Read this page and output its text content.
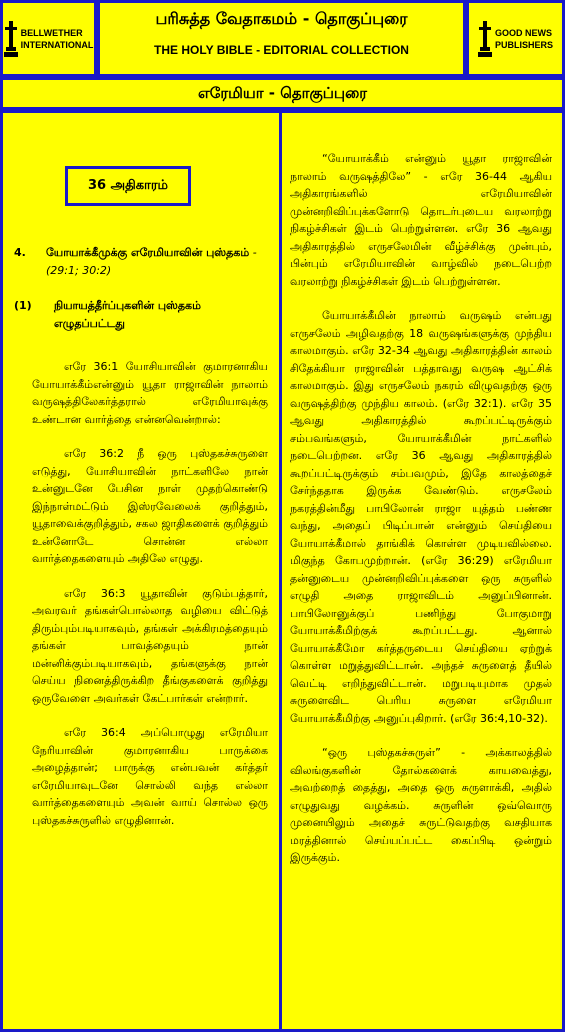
BELLWETHER
INTERNATIONAL
பரிசுத்த வேதாகமம் - தொகுப்புரை
THE HOLY BIBLE - EDITORIAL COLLECTION
GOOD NEWS
PUBLISHERS
எரேமியா - தொகுப்புரை
36 அதிகாரம்
4.	யோயாக்கீமுக்கு எரேமியாவின் புஸ்தகம் - (29:1; 30:2)
(1)	நியாயத்தீர்ப்புகளின் புஸ்தகம் எழுதப்பட்டது

எரே 36:1 யோசியாவின் குமாரனாகிய யோயாக்கீம்என்னும் யூதா ராஜாவின் நாலாம் வருஷத்திலேகர்த்தரால் எரேமியாவுக்கு உண்டான வார்த்தை என்னவென்றால்:

எரே 36:2 நீ ஒரு புஸ்தகச்சுருளை எடுத்து, யோசியாவின் நாட்களிலே நான் உன்னுடனே பேசின நாள் முதற்கொண்டு இந்நாள்மட்டும் இஸ்ரவேலைக் குறித்தும், யூதாவைக்குறித்தும், சகல ஜாதிகளைக் குறித்தும் உன்னோடே சொன்ன எல்லா வார்த்தைகளையும் அதிலே எழுது.

எரே 36:3 யூதாவின் குடும்பத்தார், அவரவர் தங்கள்பொல்லாத வழியை விட்டுத் திரும்பும்படியாகவும், தங்கள் அக்கிரமத்தையும் தங்கள் பாவத்தையும் நான் மன்னிக்கும்படியாகவும், தங்களுக்கு நான் செய்ய நினைத்திருக்கிற தீங்குகளைக் குறித்து ஒருவேளை அவர்கள் கேட்பார்கள் என்றார்.

எரே 36:4 அப்பொழுது எரேமியா நேரியாவின் குமாரனாகிய பாருக்கை அழைத்தான்; பாருக்கு என்பவன் கர்த்தர் எரேமியாவுடனே சொல்லி வந்த எல்லா வார்த்தைகளையும் அவன் வாய் சொல்ல ஒரு புஸ்தகச்சுருளில் எழுதினான்.

“யோயாக்கீம் என்னும் யூதா ராஜாவின் நாலாம் வருஷத்திலே” - எரே 36-44 ஆகிய அதிகாரங்களில் எரேமியாவின் முன்னறிவிப்புக்களோடு தொடர்புடைய வரலாற்று நிகழ்ச்சிகள் இடம் பெற்றுள்ளன. எரே 36 ஆவது அதிகாரத்தில் எருசலேமின் வீழ்ச்சிக்கு முன்பும், பின்பும் எரேமியாவின் வாழ்வில் நடைபெற்ற வரலாற்று நிகழ்ச்சிகள் இடம் பெற்றுள்ளன.

யோயாக்கீமின் நாலாம் வருஷம் என்பது எருசலேம் அழிவதற்கு 18 வருஷங்களுக்கு முந்திய காலமாகும். எரே 32-34 ஆவது அதிகாரத்தின் காலம் சிதேக்கியா ராஜாவின் பத்தாவது வருஷ ஆட்சிக் காலமாகும். இது எருசலேம் நகரம் விழுவதற்கு ஒரு வருஷத்திற்கு முந்திய காலம். (எரே 32:1). எரே 35 ஆவது அதிகாரத்தில் கூறப்பட்டிருக்கும் சம்பவங்களும், யோயாக்கீமின் நாட்களில் நடைபெற்றன. எரே 36 ஆவது அதிகாரத்தில் கூறப்பட்டிருக்கும் சம்பவமும், இதே காலத்தைச் சேர்ந்ததாக இருக்க வேண்டும். எருசலேம் நகரத்தின்மீது பாபிலோன் ராஜா யுத்தம் பண்ண வந்து, அதைப் பிடிப்பான் என்னும் செய்தியை யோயாக்கீமால் தாங்கிக் கொள்ள முடியவில்லை. மிகுந்த கோபமுற்றான். (எரே 36:29) எரேமியா தன்னுடைய முன்னறிவிப்புக்களை ஒரு சுருளில் எழுதி அதை ராஜாவிடம் அனுப்பினான். பாபிலோனுக்குப் பணிந்து போகுமாறு யோயாக்கீமிற்குக் கூறப்பட்டது. ஆனால் யோயாக்கீமோ கர்த்தருடைய செய்தியை ஏற்றுக் கொள்ள மறுத்துவிட்டான். அந்தச் சுருளைத் தீயில் வெட்டி எறிந்துவிட்டான். மறுபடியுமாக முதல் சுருளைவிட பெரிய சுருளை எரேமியா யோயாக்கீமிற்கு அனுப்புகிறார். (எரே 36:4,10-32).

“ஒரு புஸ்தகச்சுருள்” - அக்காலத்தில் விலங்குகளின் தோல்களைக் காயவைத்து, அவற்றைத் தைத்து, அதை ஒரு சுருளாக்கி, அதில் எழுதுவது வழக்கம். சுருளின் ஒவ்வொரு முனையிலும் அதைச் சுருட்டுவதற்கு வசதியாக மரத்தினால் செய்யப்பட்ட கைப்பிடி ஒன்றும் இருக்கும்.
